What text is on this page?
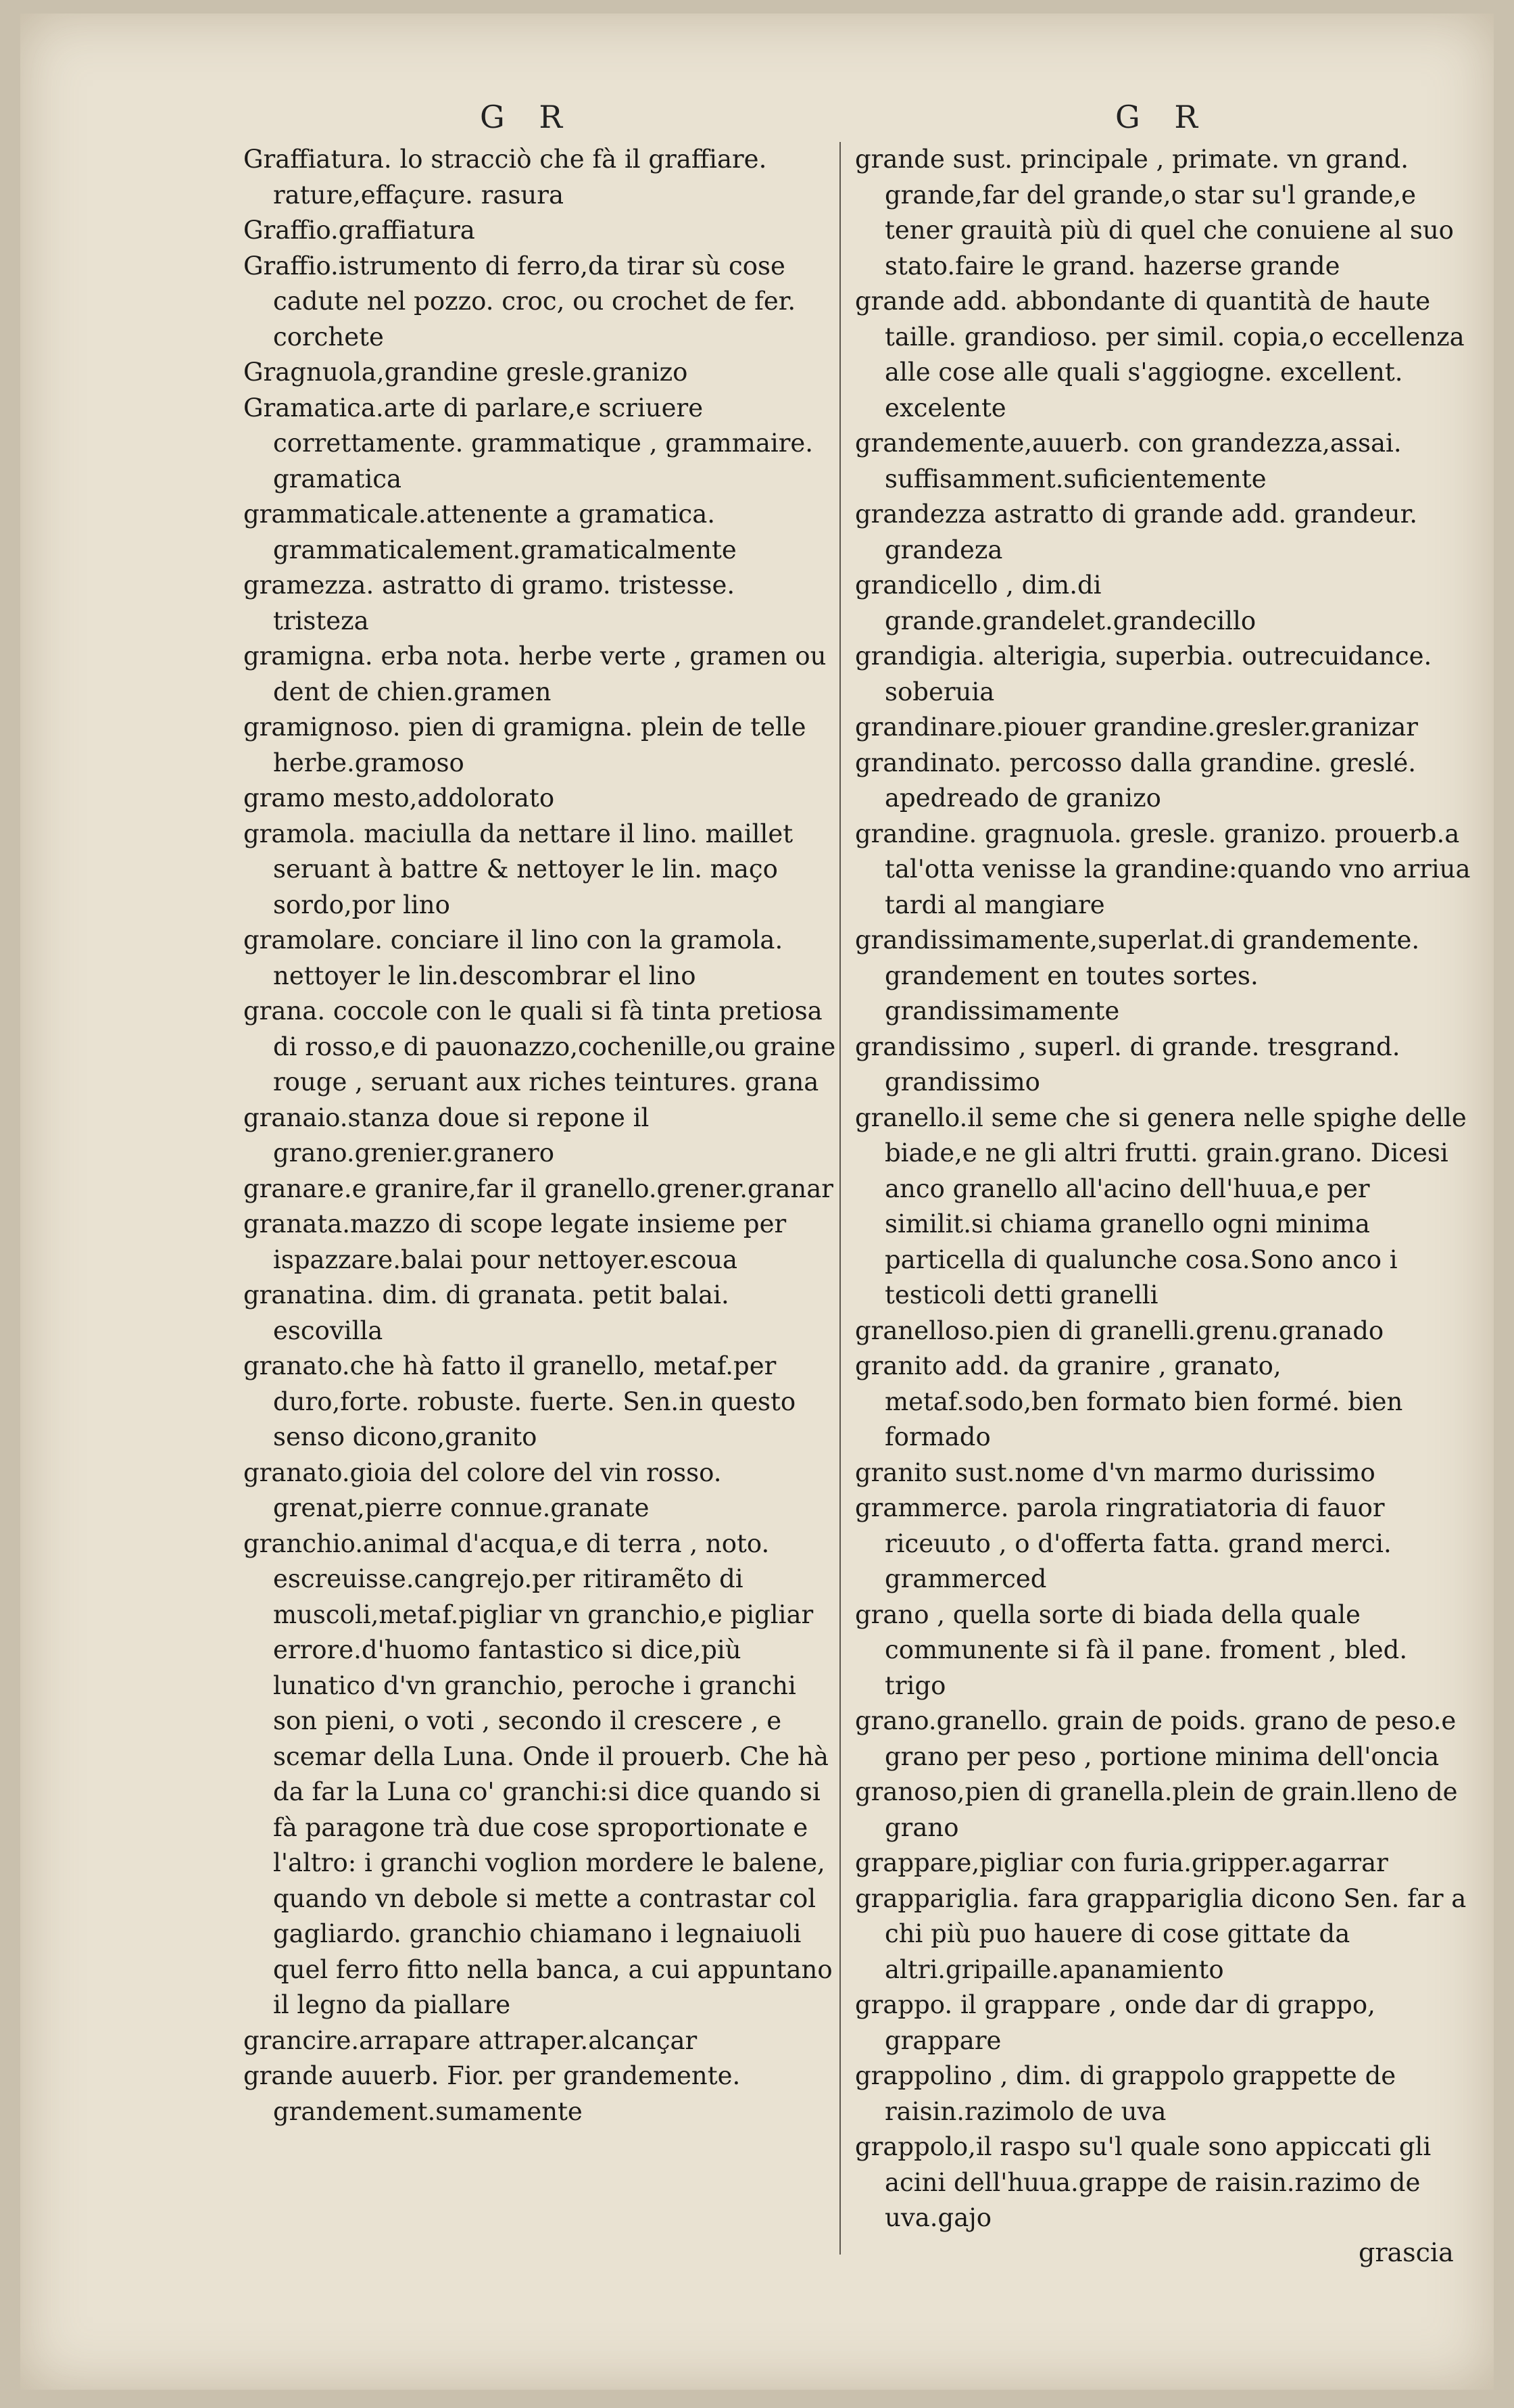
G R	G R

Graffiatura. lo stracciò che fà il graffiare. rature,effaçure. rasura

Graffio.graffiatura

Graffio.istrumento di ferro,da tirar sù cose cadute nel pozzo. croc, ou crochet de fer. corchete

Gragnuola,grandine gresle.granizo

Gramatica.arte di parlare,e scriuere correttamente. grammatique , grammaire. gramatica

grammaticale.attenente a gramatica. grammaticalement.gramaticalmente

gramezza. astratto di gramo. tristesse. tristeza

gramigna. erba nota. herbe verte , gramen ou dent de chien.gramen

gramignoso. pien di gramigna. plein de telle herbe.gramoso

gramo mesto,addolorato

gramola. maciulla da nettare il lino. maillet seruant à battre & nettoyer le lin. maço sordo,por lino

gramolare. conciare il lino con la gramola. nettoyer le lin.descombrar el lino

grana. coccole con le quali si fà tinta pretiosa di rosso,e di pauonazzo,cochenille,ou graine rouge , seruant aux riches teintures. grana

granaio.stanza doue si repone il grano.grenier.granero

granare.e granire,far il granello.grener.granar

granata.mazzo di scope legate insieme per ispazzare.balai pour nettoyer.escoua

granatina. dim. di granata. petit balai. escovilla

granato.che hà fatto il granello, metaf.per duro,forte. robuste. fuerte. Sen.in questo senso dicono,granito

granato.gioia del colore del vin rosso. grenat,pierre connue.granate

granchio.animal d'acqua,e di terra , noto. escreuisse.cangrejo.per ritiramẽto di muscoli,metaf.pigliar vn granchio,e pigliar errore.d'huomo fantastico si dice,più lunatico d'vn granchio, peroche i granchi son pieni, o voti , secondo il crescere , e scemar della Luna. Onde il prouerb. Che hà da far la Luna co' granchi:si dice quando si fà paragone trà due cose sproportionate e l'altro: i granchi voglion mordere le balene, quando vn debole si mette a contrastar col gagliardo. granchio chiamano i legnaiuoli quel ferro fitto nella banca, a cui appuntano il legno da piallare

grancire.arrapare attraper.alcançar

grande auuerb. Fior. per grandemente. grandement.sumamente

grande sust. principale , primate. vn grand. grande,far del grande,o star su'l grande,e tener grauità più di quel che conuiene al suo stato.faire le grand. hazerse grande

grande add. abbondante di quantità de haute taille. grandioso. per simil. copia,o eccellenza alle cose alle quali s'aggiogne. excellent. excelente

grandemente,auuerb. con grandezza,assai. suffisamment.suficientemente

grandezza astratto di grande add. grandeur. grandeza

grandicello , dim.di grande.grandelet.grandecillo

grandigia. alterigia, superbia. outrecuidance. soberuia

grandinare.piouer grandine.gresler.granizar

grandinato. percosso dalla grandine. greslé. apedreado de granizo

grandine. gragnuola. gresle. granizo. prouerb.a tal'otta venisse la grandine:quando vno arriua tardi al mangiare

grandissimamente,superlat.di grandemente. grandement en toutes sortes. grandissimamente

grandissimo , superl. di grande. tresgrand. grandissimo

granello.il seme che si genera nelle spighe delle biade,e ne gli altri frutti. grain.grano. Dicesi anco granello all'acino dell'huua,e per similit.si chiama granello ogni minima particella di qualunche cosa.Sono anco i testicoli detti granelli

granelloso.pien di granelli.grenu.granado

granito add. da granire , granato, metaf.sodo,ben formato bien formé. bien formado

granito sust.nome d'vn marmo durissimo

grammerce. parola ringratiatoria di fauor riceuuto , o d'offerta fatta. grand merci. grammerced

grano , quella sorte di biada della quale communente si fà il pane. froment , bled. trigo

grano.granello. grain de poids. grano de peso.e grano per peso , portione minima dell'oncia

granoso,pien di granella.plein de grain.lleno de grano

grappare,pigliar con furia.gripper.agarrar

grappariglia. fara grappariglia dicono Sen. far a chi più puo hauere di cose gittate da altri.gripaille.apanamiento

grappo. il grappare , onde dar di grappo, grappare

grappolino , dim. di grappolo grappette de raisin.razimolo de uva

grappolo,il raspo su'l quale sono appiccati gli acini dell'huua.grappe de raisin.razimo de uva.gajo

grascia
